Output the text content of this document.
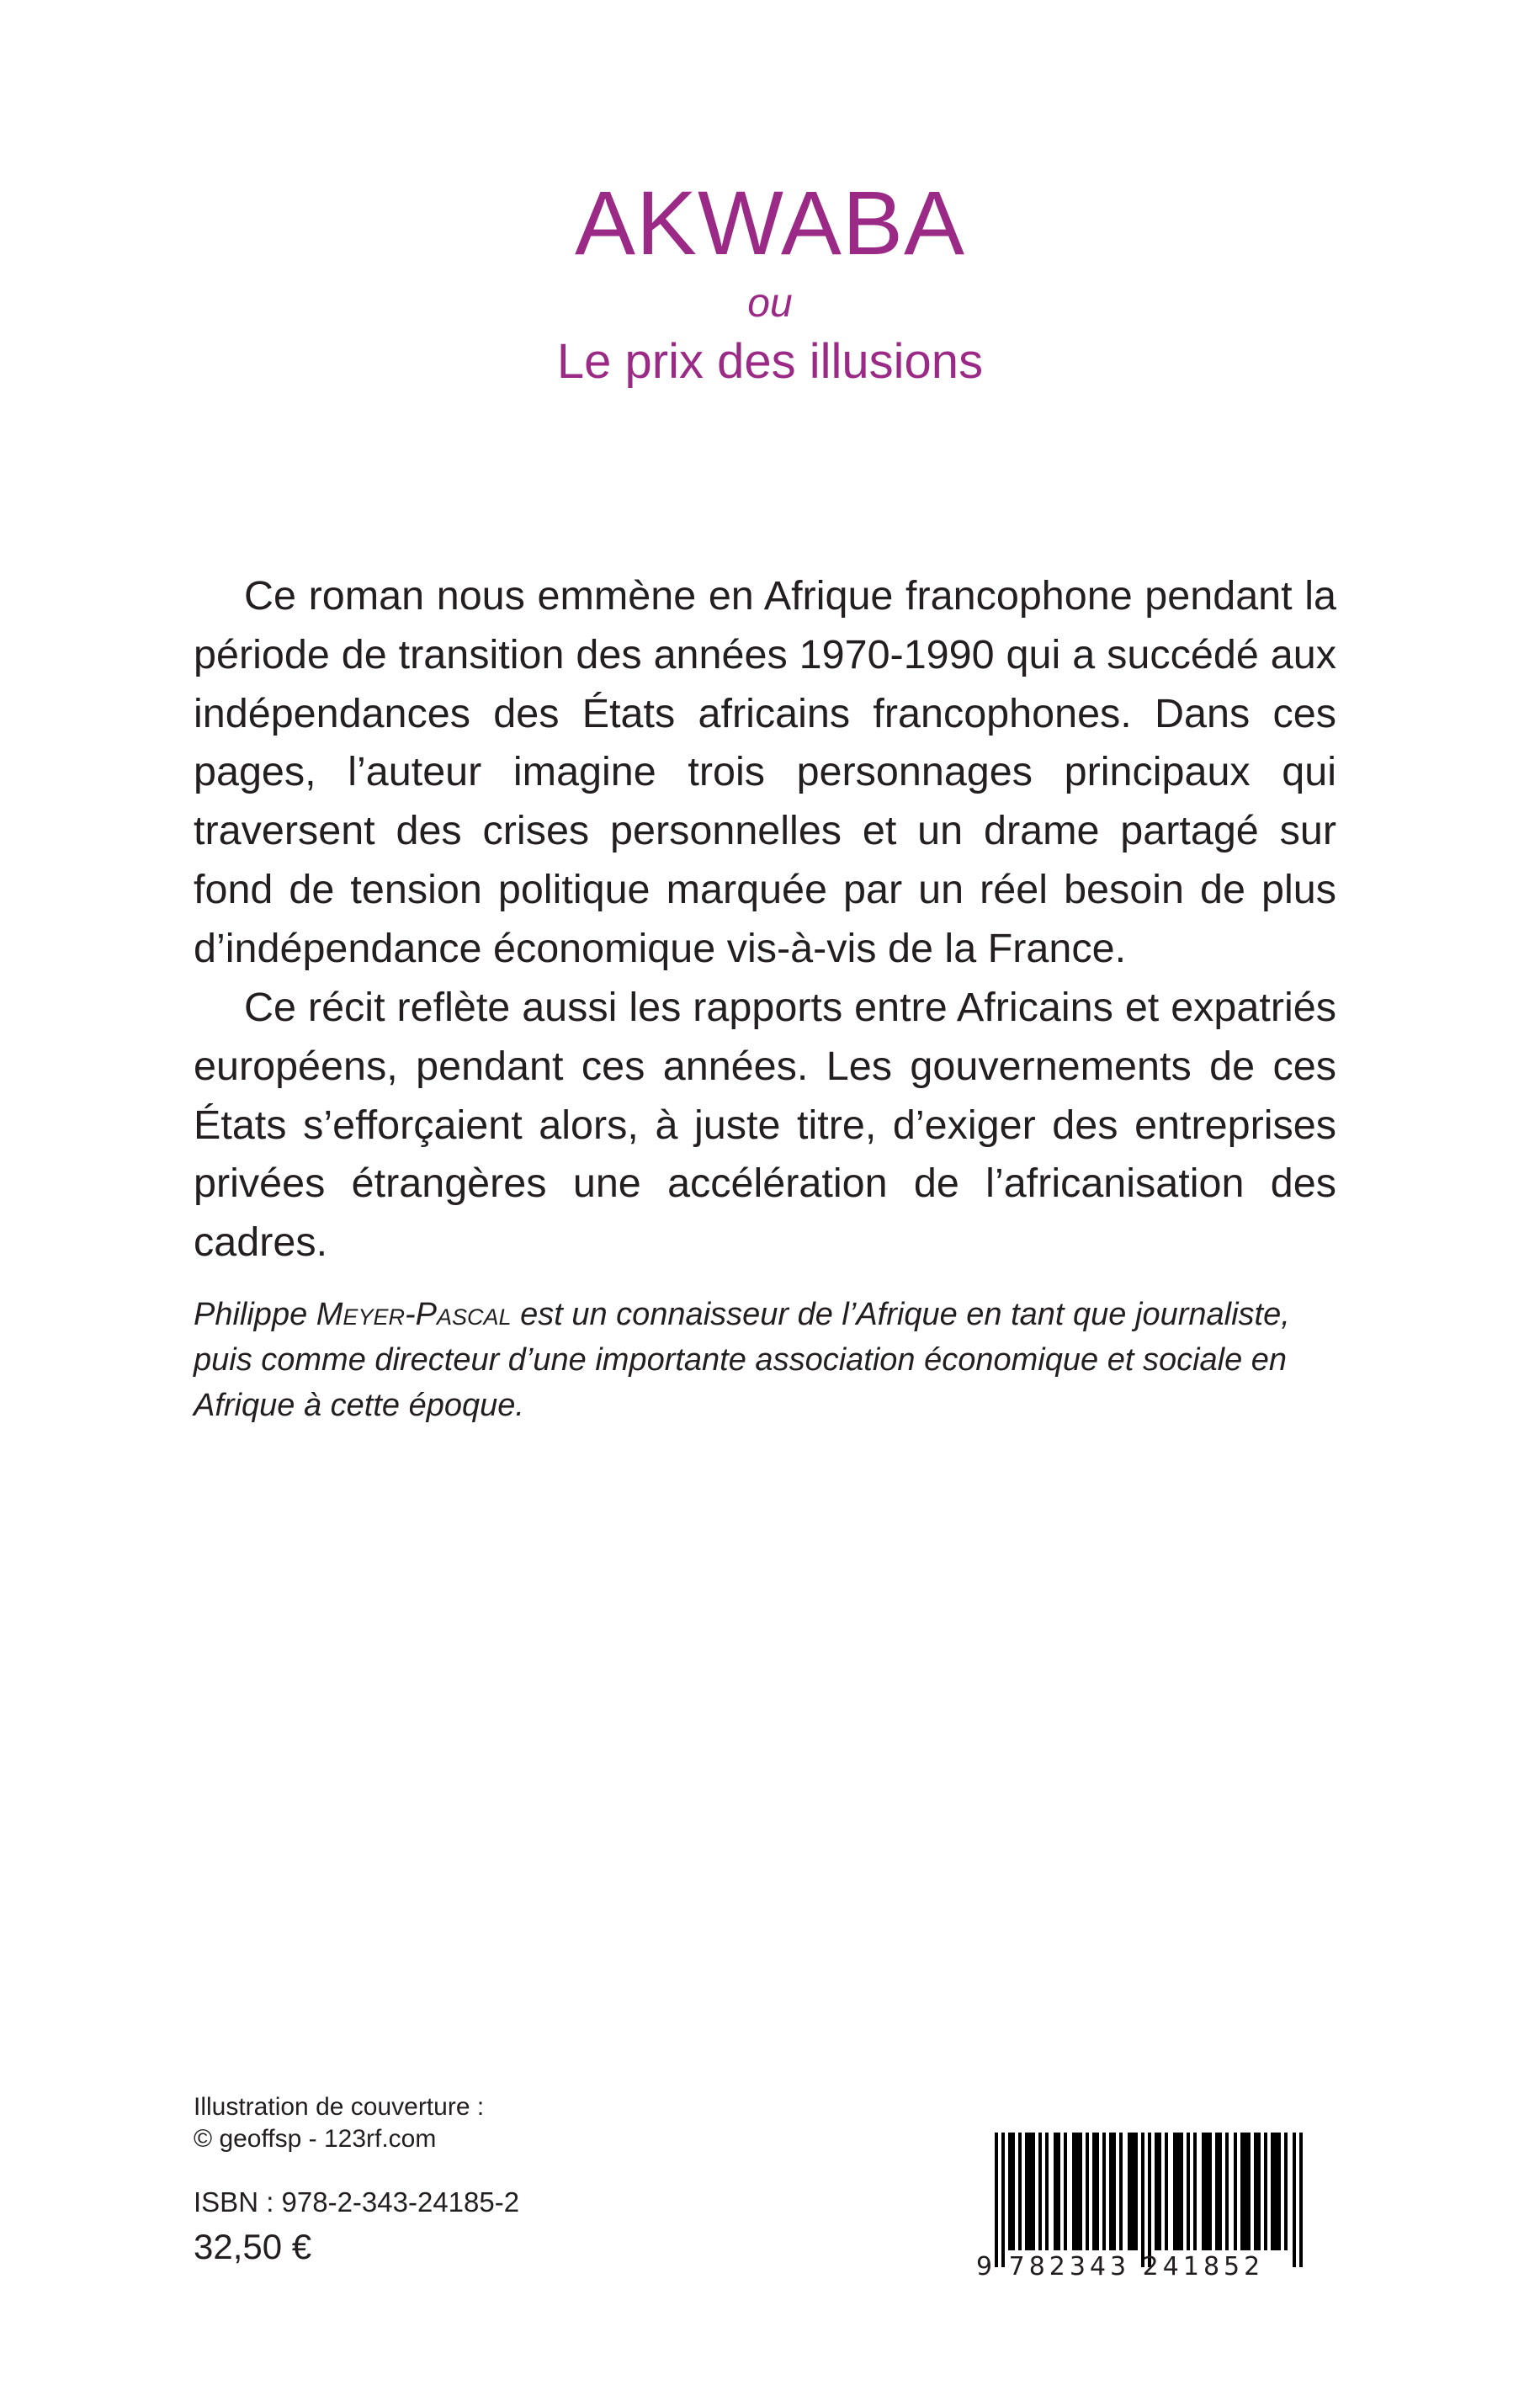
AKWABA
ou
Le prix des illusions

Ce roman nous emmène en Afrique francophone pendant la période de transition des années 1970-1990 qui a succédé aux indépendances des États africains francophones. Dans ces pages, l’auteur imagine trois personnages principaux qui traversent des crises personnelles et un drame partagé sur fond de tension politique marquée par un réel besoin de plus d’indépendance économique vis-à-vis de la France.

Ce récit reflète aussi les rapports entre Africains et expatriés européens, pendant ces années. Les gouvernements de ces États s’efforçaient alors, à juste titre, d’exiger des entreprises privées étrangères une accélération de l’africanisation des cadres.

Philippe Meyer-Pascal est un connaisseur de l’Afrique en tant que journaliste, puis comme directeur d’une importante association économique et sociale en Afrique à cette époque.

Illustration de couverture :
© geoffsp - 123rf.com
ISBN : 978-2-343-24185-2
32,50 €
9 782343 241852
